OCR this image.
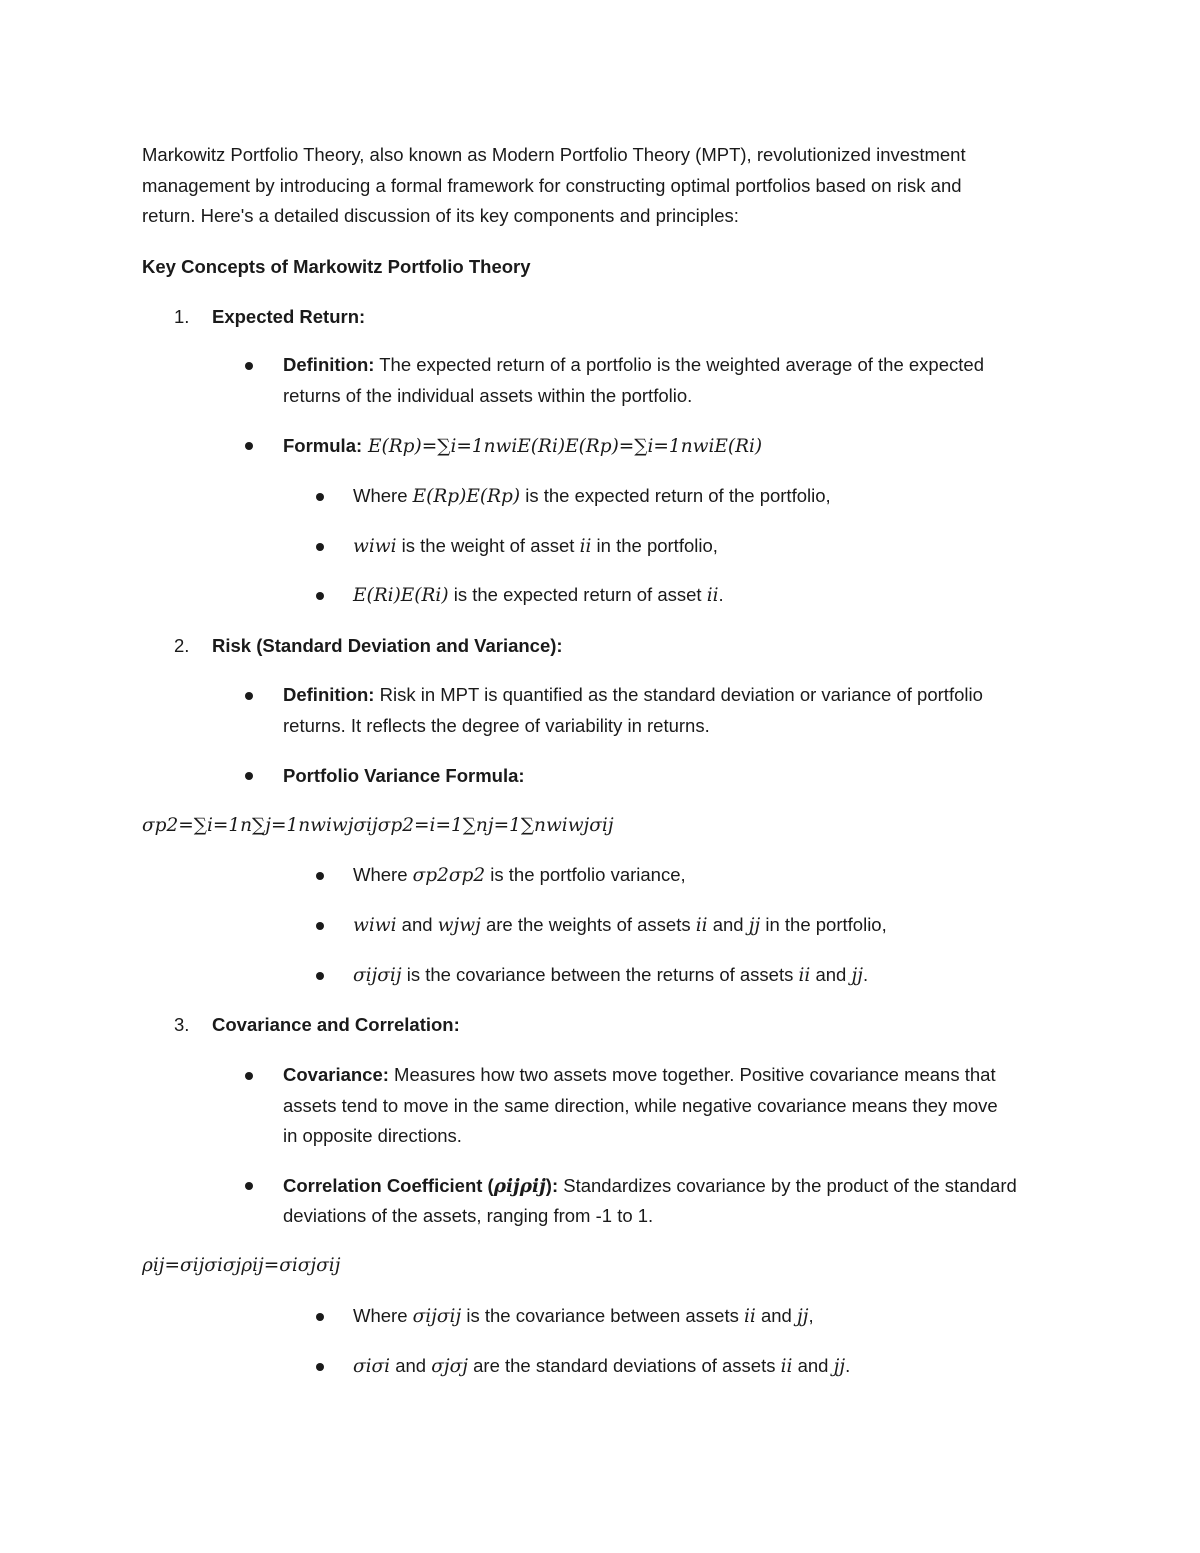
Markowitz Portfolio Theory, also known as Modern Portfolio Theory (MPT), revolutionized investment
management by introducing a formal framework for constructing optimal portfolios based on risk and
return. Here's a detailed discussion of its key components and principles:
Key Concepts of Markowitz Portfolio Theory
1. Expected Return:
Definition: The expected return of a portfolio is the weighted average of the expected
returns of the individual assets within the portfolio.
Formula: E(Rp)=∑i=1nwiE(Ri)E(Rp)=∑i=1nwiE(Ri)
Where E(Rp)E(Rp) is the expected return of the portfolio,
wiwi is the weight of asset ii in the portfolio,
E(Ri)E(Ri) is the expected return of asset ii.
2. Risk (Standard Deviation and Variance):
Definition: Risk in MPT is quantified as the standard deviation or variance of portfolio
returns. It reflects the degree of variability in returns.
Portfolio Variance Formula:
σp2=∑i=1n∑j=1nwiwjσijσp2=i=1∑nj=1∑nwiwjσij
Where σp2σp2 is the portfolio variance,
wiwi and wjwj are the weights of assets ii and jj in the portfolio,
σijσij is the covariance between the returns of assets ii and jj.
3. Covariance and Correlation:
Covariance: Measures how two assets move together. Positive covariance means that
assets tend to move in the same direction, while negative covariance means they move
in opposite directions.
Correlation Coefficient (ρijρij): Standardizes covariance by the product of the standard
deviations of the assets, ranging from -1 to 1.
ρij=σijσiσjρij=σiσjσij
Where σijσij is the covariance between assets ii and jj,
σiσi and σjσj are the standard deviations of assets ii and jj.
